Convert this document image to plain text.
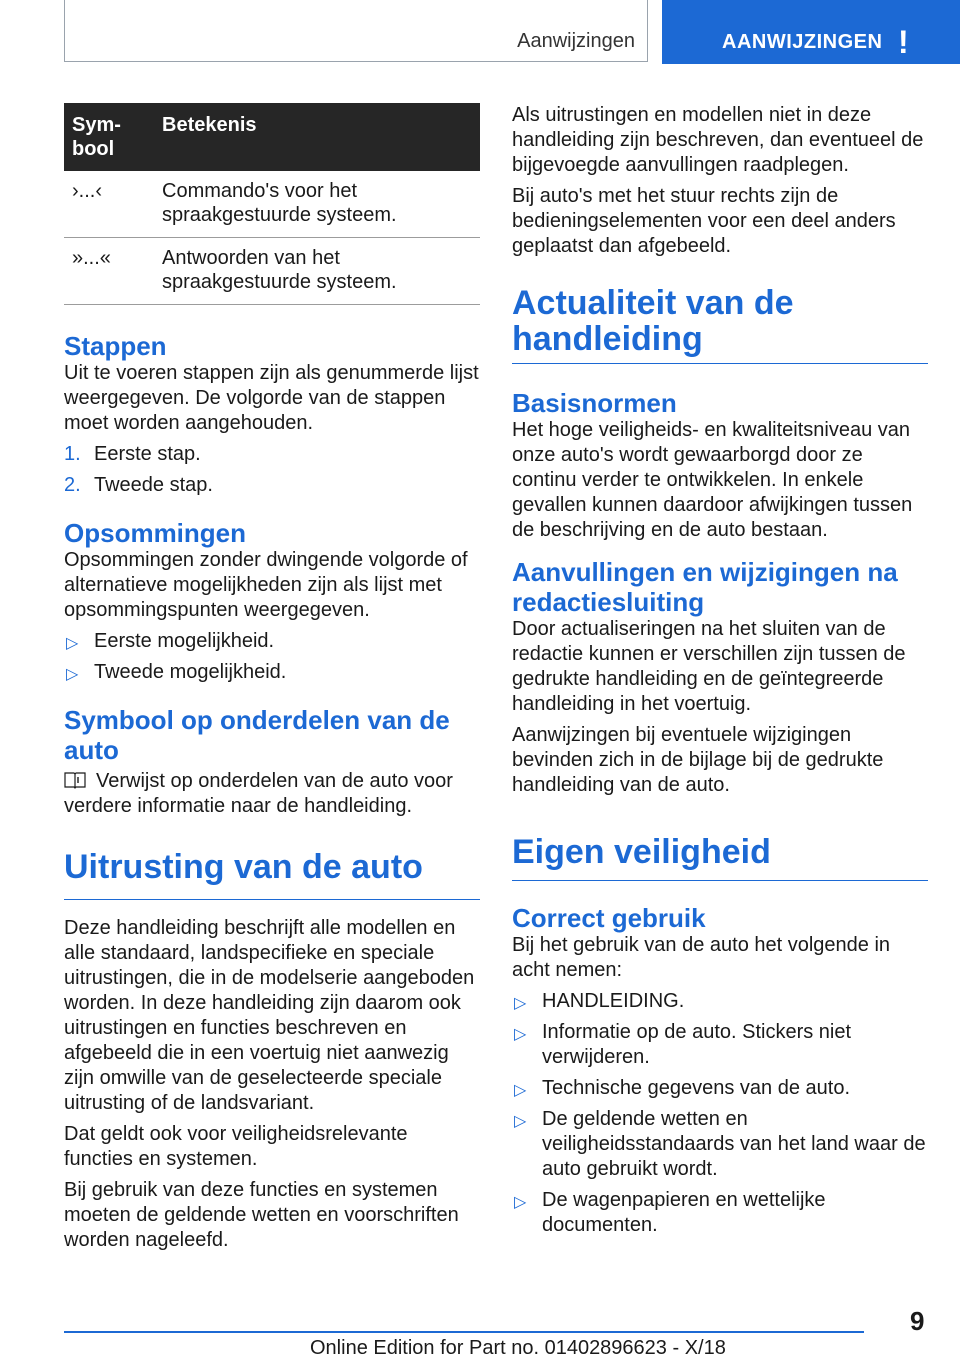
Aanwijzingen	AANWIJZINGEN !
Sym-
bool	Betekenis
›...‹	Commando's voor het spraakgestuurde systeem.
»...«	Antwoorden van het spraakgestuurde systeem.
Stappen

Uit te voeren stappen zijn als genummerde lijst weergegeven. De volgorde van de stappen moet worden aangehouden.

1. Eerste stap.
2. Tweede stap.
Opsommingen

Opsommingen zonder dwingende volgorde of alternatieve mogelijkheden zijn als lijst met opsommingspunten weergegeven.

▷ Eerste mogelijkheid.
▷ Tweede mogelijkheid.
Symbool op onderdelen van de auto

Verwijst op onderdelen van de auto voor verdere informatie naar de handleiding.

Uitrusting van de auto

Deze handleiding beschrijft alle modellen en alle standaard, landspecifieke en speciale uitrustingen, die in de modelserie aangeboden worden. In deze handleiding zijn daarom ook uitrustingen en functies beschreven en afgebeeld die in een voertuig niet aanwezig zijn omwille van de geselecteerde speciale uitrusting of de landsvariant.

Dat geldt ook voor veiligheidsrelevante functies en systemen.

Bij gebruik van deze functies en systemen moeten de geldende wetten en voorschriften worden nageleefd.

Als uitrustingen en modellen niet in deze handleiding zijn beschreven, dan eventueel de bijgevoegde aanvullingen raadplegen.

Bij auto's met het stuur rechts zijn de bedieningselementen voor een deel anders geplaatst dan afgebeeld.

Actualiteit van de handleiding
Basisnormen

Het hoge veiligheids- en kwaliteitsniveau van onze auto's wordt gewaarborgd door ze continu verder te ontwikkelen. In enkele gevallen kunnen daardoor afwijkingen tussen de beschrijving en de auto bestaan.

Aanvullingen en wijzigingen na redactiesluiting

Door actualiseringen na het sluiten van de redactie kunnen er verschillen zijn tussen de gedrukte handleiding en de geïntegreerde handleiding in het voertuig.

Aanwijzingen bij eventuele wijzigingen bevinden zich in de bijlage bij de gedrukte handleiding van de auto.

Eigen veiligheid
Correct gebruik

Bij het gebruik van de auto het volgende in acht nemen:

▷ HANDLEIDING.
▷ Informatie op de auto. Stickers niet verwijderen.
▷ Technische gegevens van de auto.
▷ De geldende wetten en veiligheidsstandaards van het land waar de auto gebruikt wordt.
▷ De wagenpapieren en wettelijke documenten.
9
Online Edition for Part no. 01402896623 - X/18
